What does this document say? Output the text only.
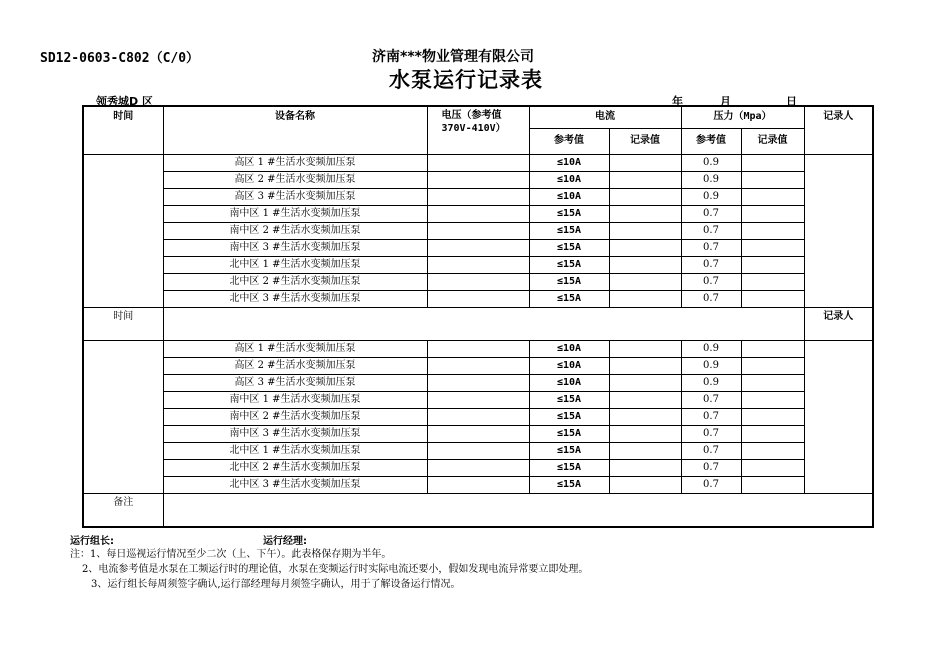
SD12-0603-C802（C/0）	济南***物业管理有限公司
水泵运行记录表
领秀城D 区	年	月	日
时间	设备名称	电压（参考值
370V-410V）	电流		压力（Mpa）		记录人
			参考值	记录值	参考值	记录值	
	高区 1 #生活水变频加压泵		≤10A		0.9		
	高区 2 #生活水变频加压泵		≤10A		0.9		
	高区 3 #生活水变频加压泵		≤10A		0.9		
	南中区 1 #生活水变频加压泵		≤15A		0.7		
	南中区 2 #生活水变频加压泵		≤15A		0.7		
	南中区 3 #生活水变频加压泵		≤15A		0.7		
	北中区 1 #生活水变频加压泵		≤15A		0.7		
	北中区 2 #生活水变频加压泵		≤15A		0.7		
	北中区 3 #生活水变频加压泵		≤15A		0.7		
时间							记录人
	高区 1 #生活水变频加压泵		≤10A		0.9		
	高区 2 #生活水变频加压泵		≤10A		0.9		
	高区 3 #生活水变频加压泵		≤10A		0.9		
	南中区 1 #生活水变频加压泵		≤15A		0.7		
	南中区 2 #生活水变频加压泵		≤15A		0.7		
	南中区 3 #生活水变频加压泵		≤15A		0.7		
	北中区 1 #生活水变频加压泵		≤15A		0.7		
	北中区 2 #生活水变频加压泵		≤15A		0.7		
	北中区 3 #生活水变频加压泵		≤15A		0.7		
备注							
运行组长:	运行经理:
注：1、每日巡视运行情况至少二次（上、下午）。此表格保存期为半年。
2、电流参考值是水泵在工频运行时的理论值，水泵在变频运行时实际电流还要小，假如发现电流异常要立即处理。
3、运行组长每周须签字确认,运行部经理每月须签字确认，用于了解设备运行情况。
